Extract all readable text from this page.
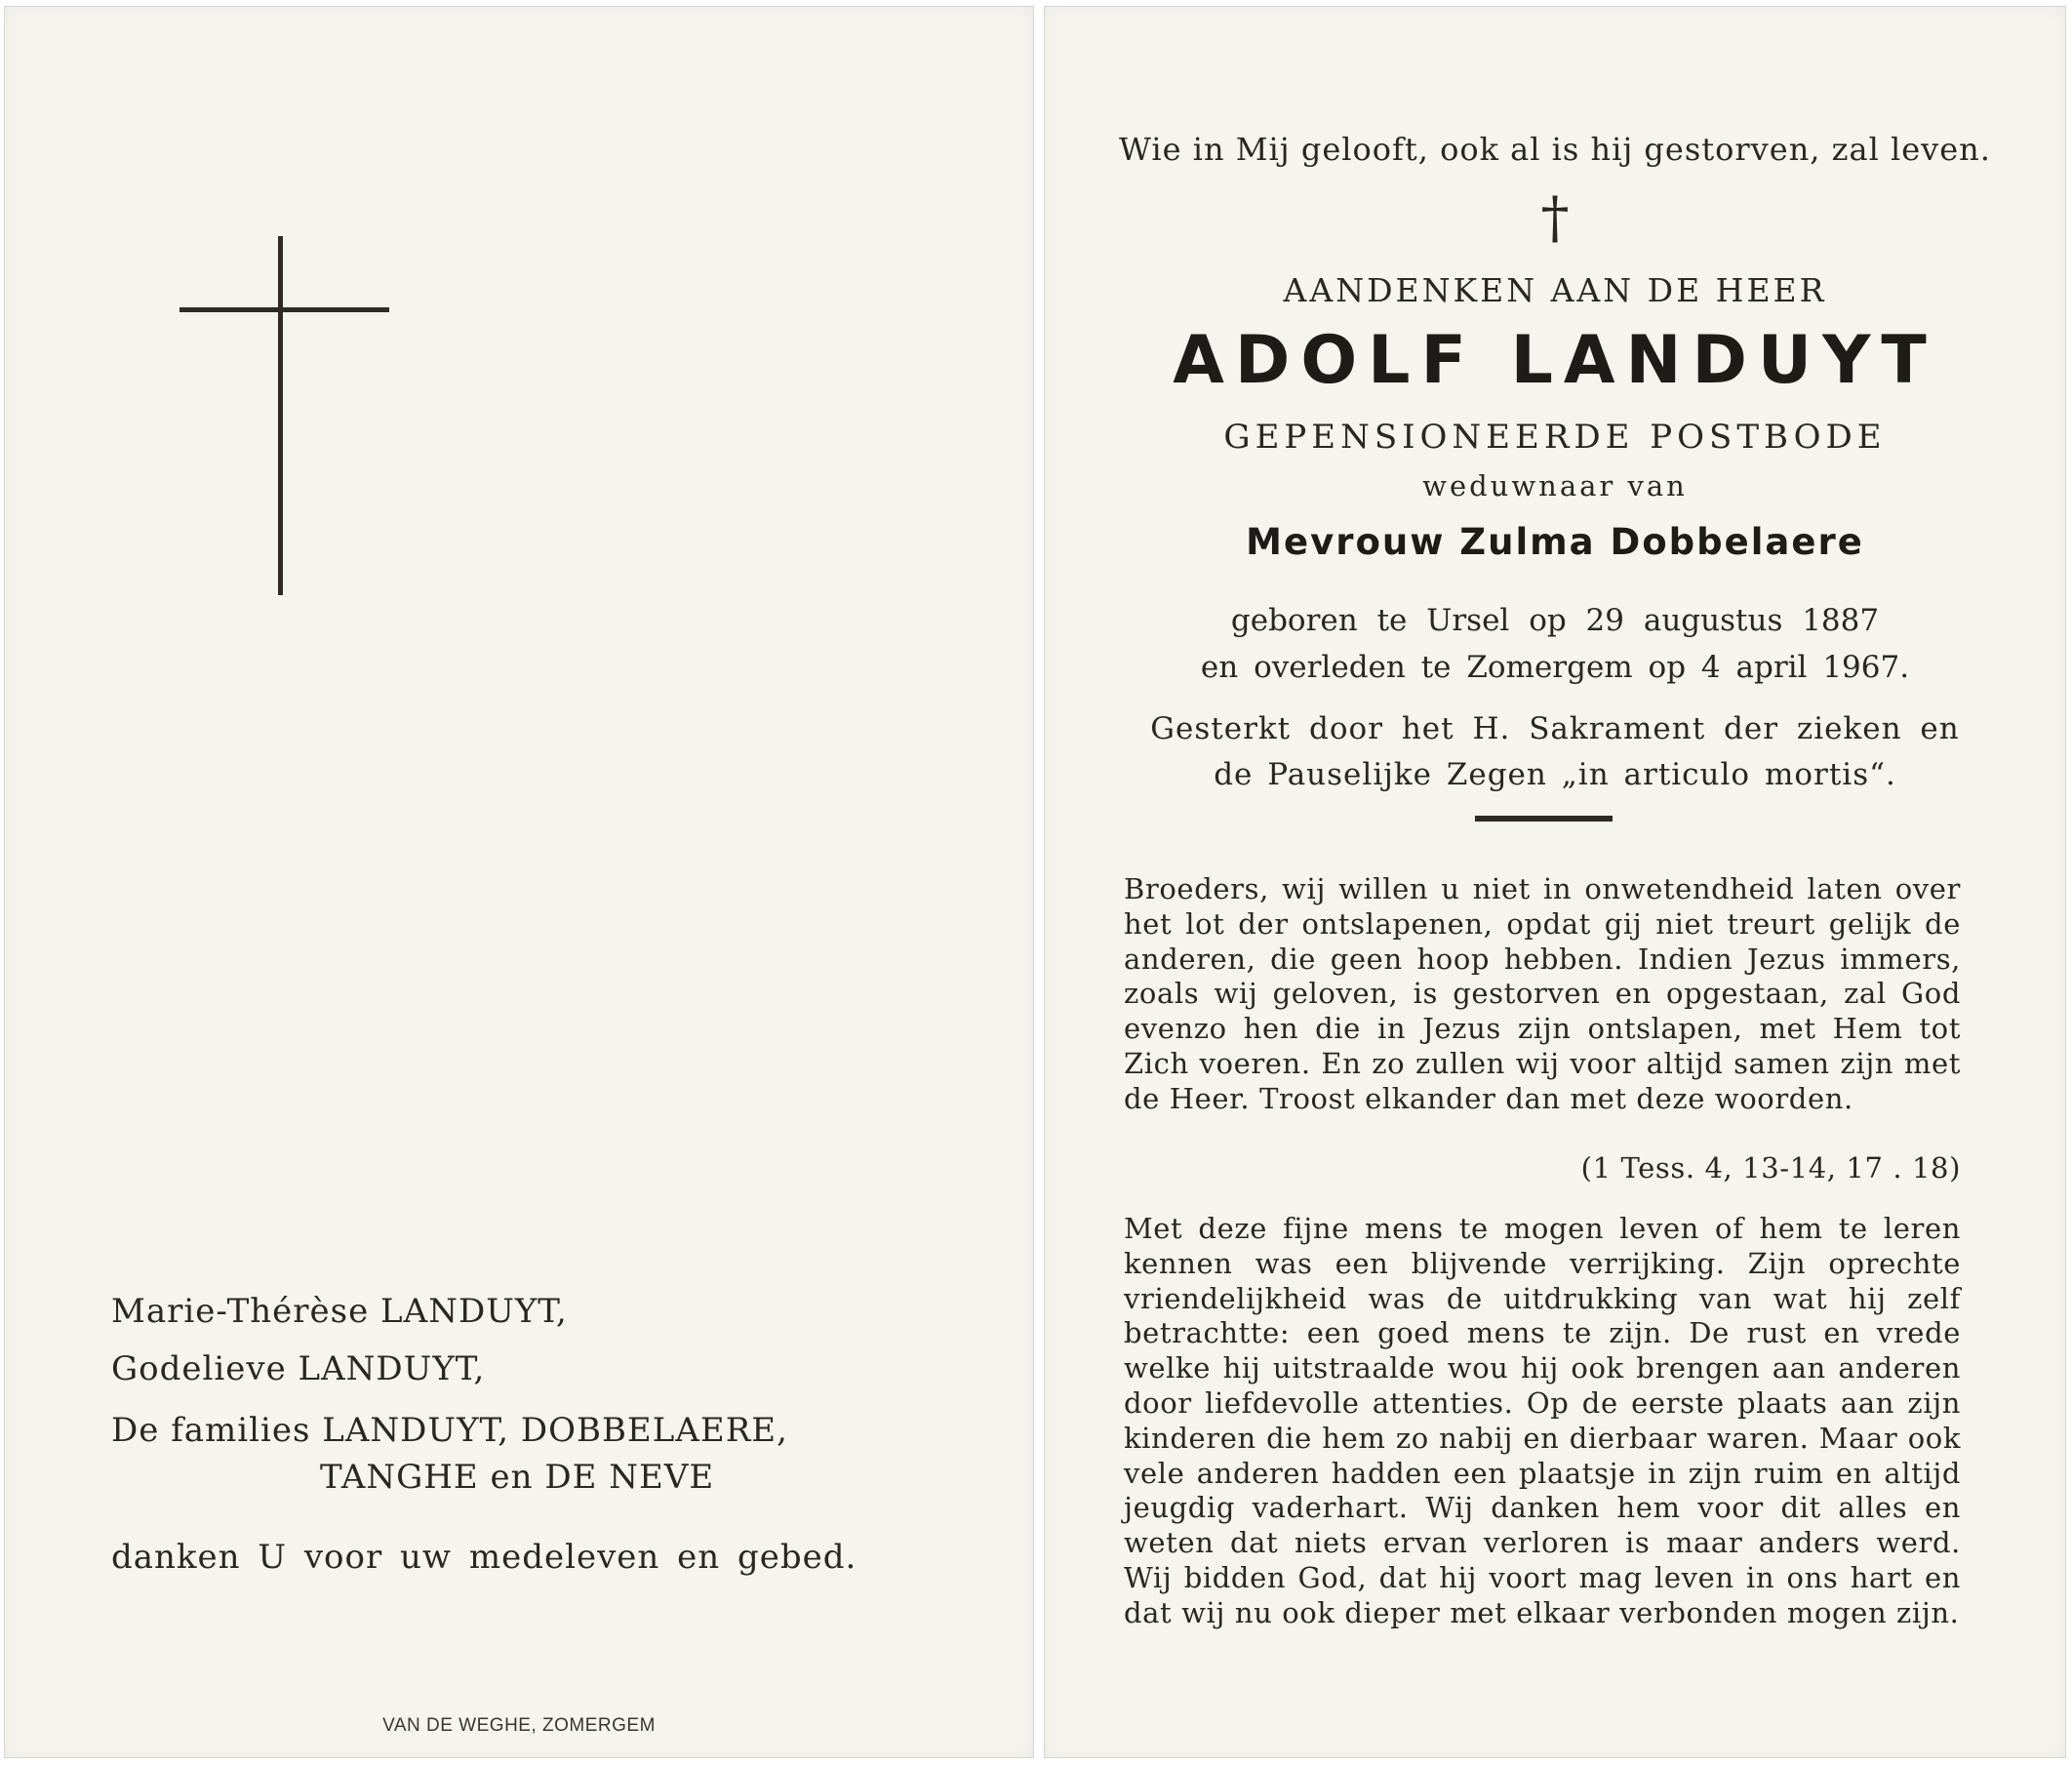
Marie-Thérèse LANDUYT,
Godelieve LANDUYT,
De families LANDUYT, DOBBELAERE,
TANGHE en DE NEVE
danken U voor uw medeleven en gebed.
VAN DE WEGHE, ZOMERGEM
Wie in Mij gelooft, ook al is hij gestorven, zal leven.
†
AANDENKEN AAN DE HEER
ADOLF LANDUYT
GEPENSIONEERDE POSTBODE
weduwnaar van
Mevrouw Zulma Dobbelaere
geboren te Ursel op 29 augustus 1887
en overleden te Zomergem op 4 april 1967.
Gesterkt door het H. Sakrament der zieken en
de Pauselijke Zegen „in articulo mortis“.

Broeders, wij willen u niet in onwetendheid laten over het lot der ontslapenen, opdat gij niet treurt gelijk de anderen, die geen hoop hebben. Indien Jezus immers, zoals wij geloven, is gestorven en opgestaan, zal God evenzo hen die in Jezus zijn ontslapen, met Hem tot Zich voeren. En zo zullen wij voor altijd samen zijn met de Heer. Troost elkander dan met deze woorden.

(1 Tess. 4, 13-14, 17 . 18)

Met deze fijne mens te mogen leven of hem te leren kennen was een blijvende verrijking. Zijn oprechte vriendelijkheid was de uitdrukking van wat hij zelf betrachtte: een goed mens te zijn. De rust en vrede welke hij uitstraalde wou hij ook brengen aan anderen door liefdevolle attenties. Op de eerste plaats aan zijn kinderen die hem zo nabij en dierbaar waren. Maar ook vele anderen hadden een plaatsje in zijn ruim en altijd jeugdig vaderhart. Wij danken hem voor dit alles en weten dat niets ervan verloren is maar anders werd. Wij bidden God, dat hij voort mag leven in ons hart en dat wij nu ook dieper met elkaar verbonden mogen zijn.
